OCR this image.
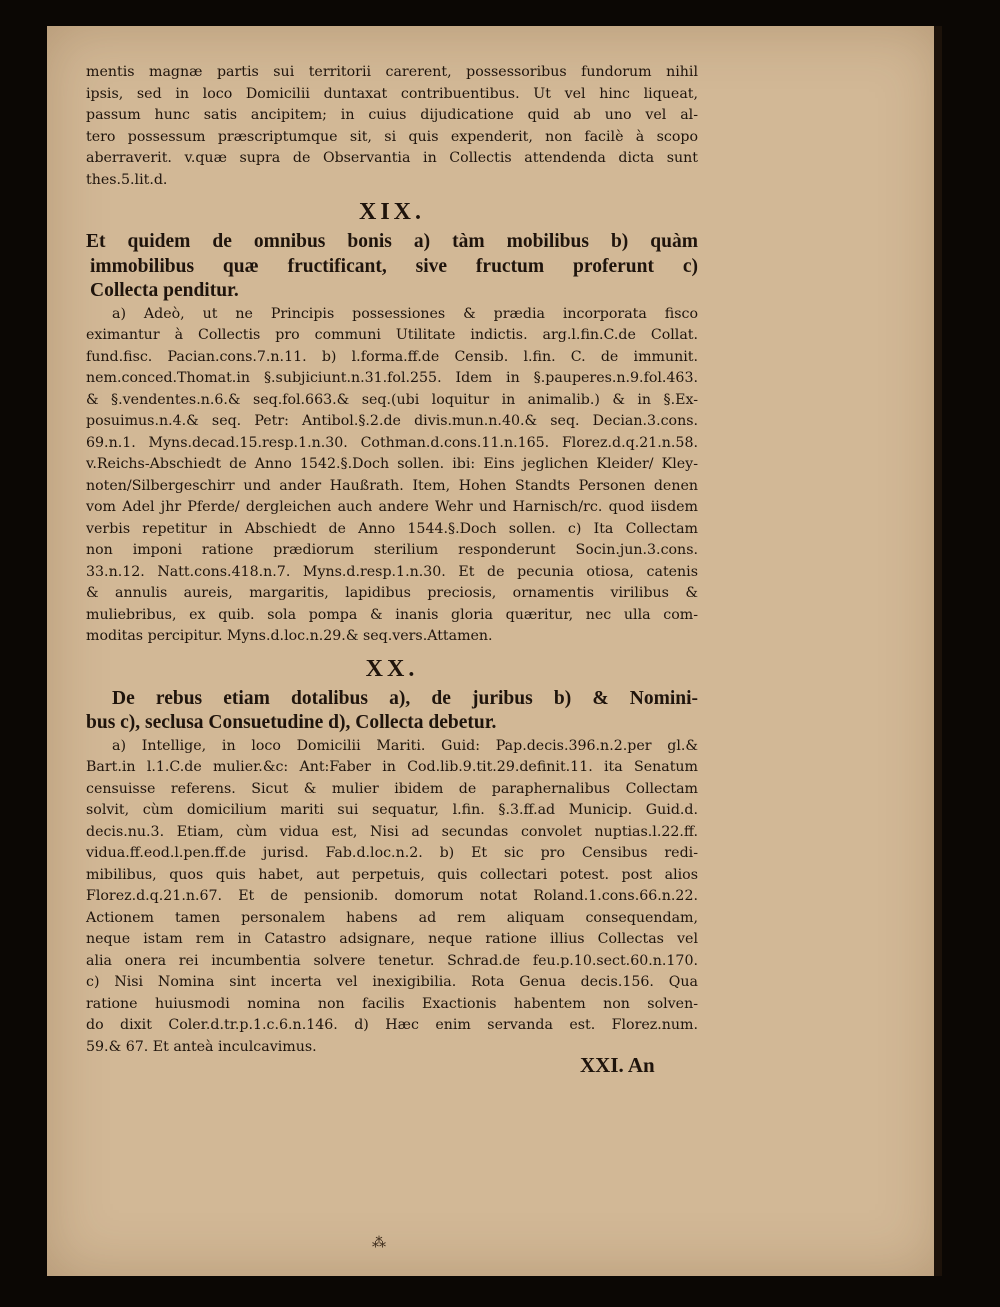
mentis magnæ partis sui territorii carerent, possessoribus fundorum nihil
ipsis, sed in loco Domicilii duntaxat contribuentibus. Ut vel hinc liqueat,
passum hunc satis ancipitem; in cuius dijudicatione quid ab uno vel al-
tero possessum præscriptumque sit, si quis expenderit, non facilè à scopo
aberraverit. v.quæ supra de Observantia in Collectis attendenda dicta sunt
thes.5.lit.d.
XIX.
Et quidem de omnibus bonis a) tàm mobilibus b) quàm
immobilibus quæ fructificant, sive fructum proferunt c)
Collecta penditur.
a) Adeò, ut ne Principis possessiones & prædia incorporata fisco
eximantur à Collectis pro communi Utilitate indictis. arg.l.fin.C.de Collat.
fund.fisc. Pacian.cons.7.n.11. b) l.forma.ff.de Censib. l.fin. C. de immunit.
nem.conced.Thomat.in §.subjiciunt.n.31.fol.255. Idem in §.pauperes.n.9.fol.463.
& §.vendentes.n.6.& seq.fol.663.& seq.(ubi loquitur in animalib.) & in §.Ex-
posuimus.n.4.& seq. Petr: Antibol.§.2.de divis.mun.n.40.& seq. Decian.3.cons.
69.n.1. Myns.decad.15.resp.1.n.30. Cothman.d.cons.11.n.165. Florez.d.q.21.n.58.
v.Reichs-Abschiedt de Anno 1542.§.Doch sollen. ibi: Eins jeglichen Kleider/ Kley-
noten/Silbergeschirr und ander Haußrath. Item, Hohen Standts Personen denen
vom Adel jhr Pferde/ dergleichen auch andere Wehr und Harnisch/rc. quod iisdem
verbis repetitur in Abschiedt de Anno 1544.§.Doch sollen. c) Ita Collectam
non imponi ratione prædiorum sterilium responderunt Socin.jun.3.cons.
33.n.12. Natt.cons.418.n.7. Myns.d.resp.1.n.30. Et de pecunia otiosa, catenis
& annulis aureis, margaritis, lapidibus preciosis, ornamentis virilibus &
muliebribus, ex quib. sola pompa & inanis gloria quæritur, nec ulla com-
moditas percipitur. Myns.d.loc.n.29.& seq.vers.Attamen.
XX.
De rebus etiam dotalibus a), de juribus b) & Nomini-
bus c), seclusa Consuetudine d), Collecta debetur.
a) Intellige, in loco Domicilii Mariti. Guid: Pap.decis.396.n.2.per gl.&
Bart.in l.1.C.de mulier.&c: Ant:Faber in Cod.lib.9.tit.29.definit.11. ita Senatum
censuisse referens. Sicut & mulier ibidem de paraphernalibus Collectam
solvit, cùm domicilium mariti sui sequatur, l.fin. §.3.ff.ad Municip. Guid.d.
decis.nu.3. Etiam, cùm vidua est, Nisi ad secundas convolet nuptias.l.22.ff.
vidua.ff.eod.l.pen.ff.de jurisd. Fab.d.loc.n.2. b) Et sic pro Censibus redi-
mibilibus, quos quis habet, aut perpetuis, quis collectari potest. post alios
Florez.d.q.21.n.67. Et de pensionib. domorum notat Roland.1.cons.66.n.22.
Actionem tamen personalem habens ad rem aliquam consequendam,
neque istam rem in Catastro adsignare, neque ratione illius Collectas vel
alia onera rei incumbentia solvere tenetur. Schrad.de feu.p.10.sect.60.n.170.
c) Nisi Nomina sint incerta vel inexigibilia. Rota Genua decis.156. Qua
ratione huiusmodi nomina non facilis Exactionis habentem non solven-
do dixit Coler.d.tr.p.1.c.6.n.146. d) Hæc enim servanda est. Florez.num.
59.& 67. Et anteà inculcavimus.
XXI. An
⁂
